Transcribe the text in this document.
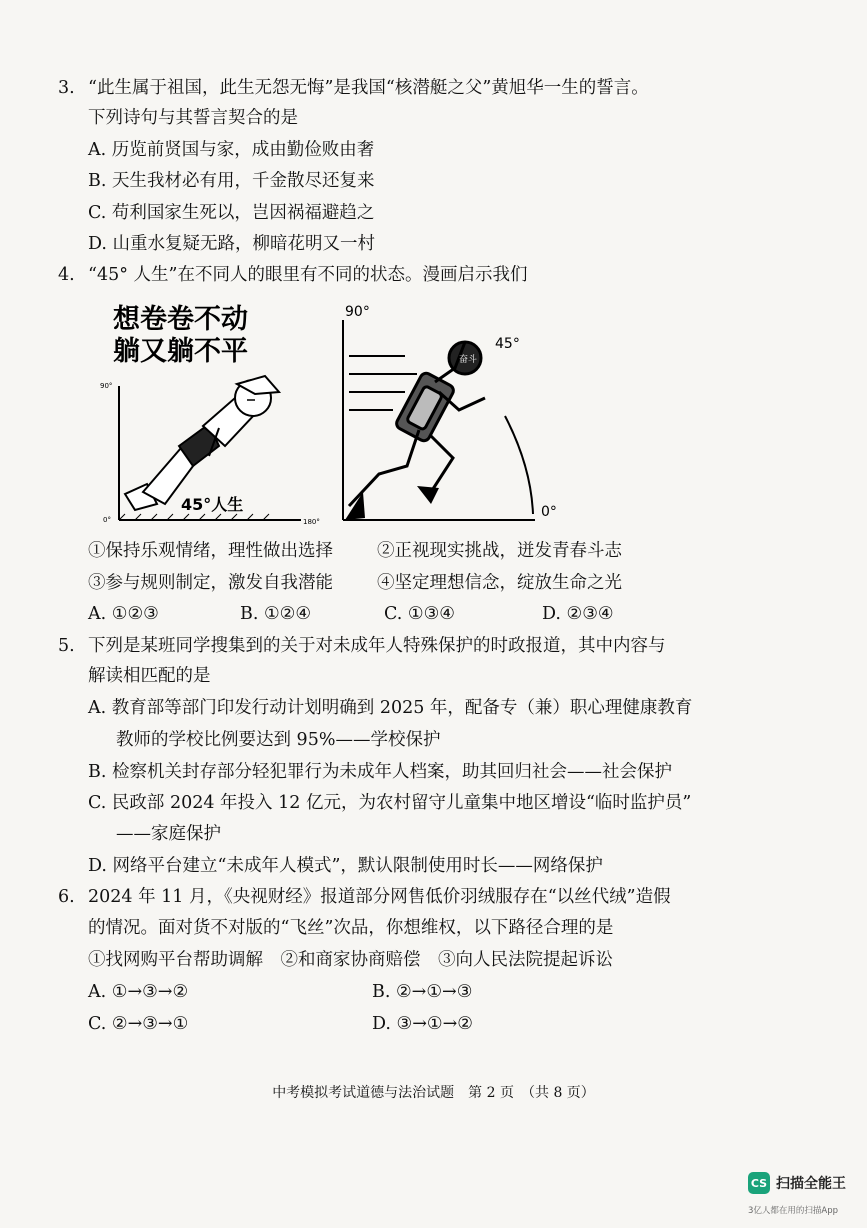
3. “此生属于祖国，此生无怨无悔”是我国“核潜艇之父”黄旭华一生的誓言。
下列诗句与其誓言契合的是
A. 历览前贤国与家，成由勤俭败由奢
B. 天生我材必有用，千金散尽还复来
C. 苟利国家生死以，岂因祸福避趋之
D. 山重水复疑无路，柳暗花明又一村
4. “45° 人生”在不同人的眼里有不同的状态。漫画启示我们
想卷卷不动
躺又躺不平
90°
0°	180°
45°人生
90°
奋斗
45°
0°
①保持乐观情绪，理性做出选择	②正视现实挑战，迸发青春斗志
③参与规则制定，激发自我潜能	④坚定理想信念，绽放生命之光
A. ①②③	B. ①②④	C. ①③④	D. ②③④
5. 下列是某班同学搜集到的关于对未成年人特殊保护的时政报道，其中内容与
解读相匹配的是
A. 教育部等部门印发行动计划明确到 2025 年，配备专（兼）职心理健康教育
教师的学校比例要达到 95%——学校保护
B. 检察机关封存部分轻犯罪行为未成年人档案，助其回归社会——社会保护
C. 民政部 2024 年投入 12 亿元，为农村留守儿童集中地区增设“临时监护员”
——家庭保护
D. 网络平台建立“未成年人模式”，默认限制使用时长——网络保护
6. 2024 年 11 月，《央视财经》报道部分网售低价羽绒服存在“以丝代绒”造假
的情况。面对货不对版的“飞丝”次品，你想维权，以下路径合理的是
①找网购平台帮助调解　②和商家协商赔偿　③向人民法院提起诉讼
A. ①→③→②	B. ②→①→③
C. ②→③→①	D. ③→①→②
中考模拟考试道德与法治试题　第 2 页　（共 8 页）
CS 扫描全能王
3亿人都在用的扫描App
